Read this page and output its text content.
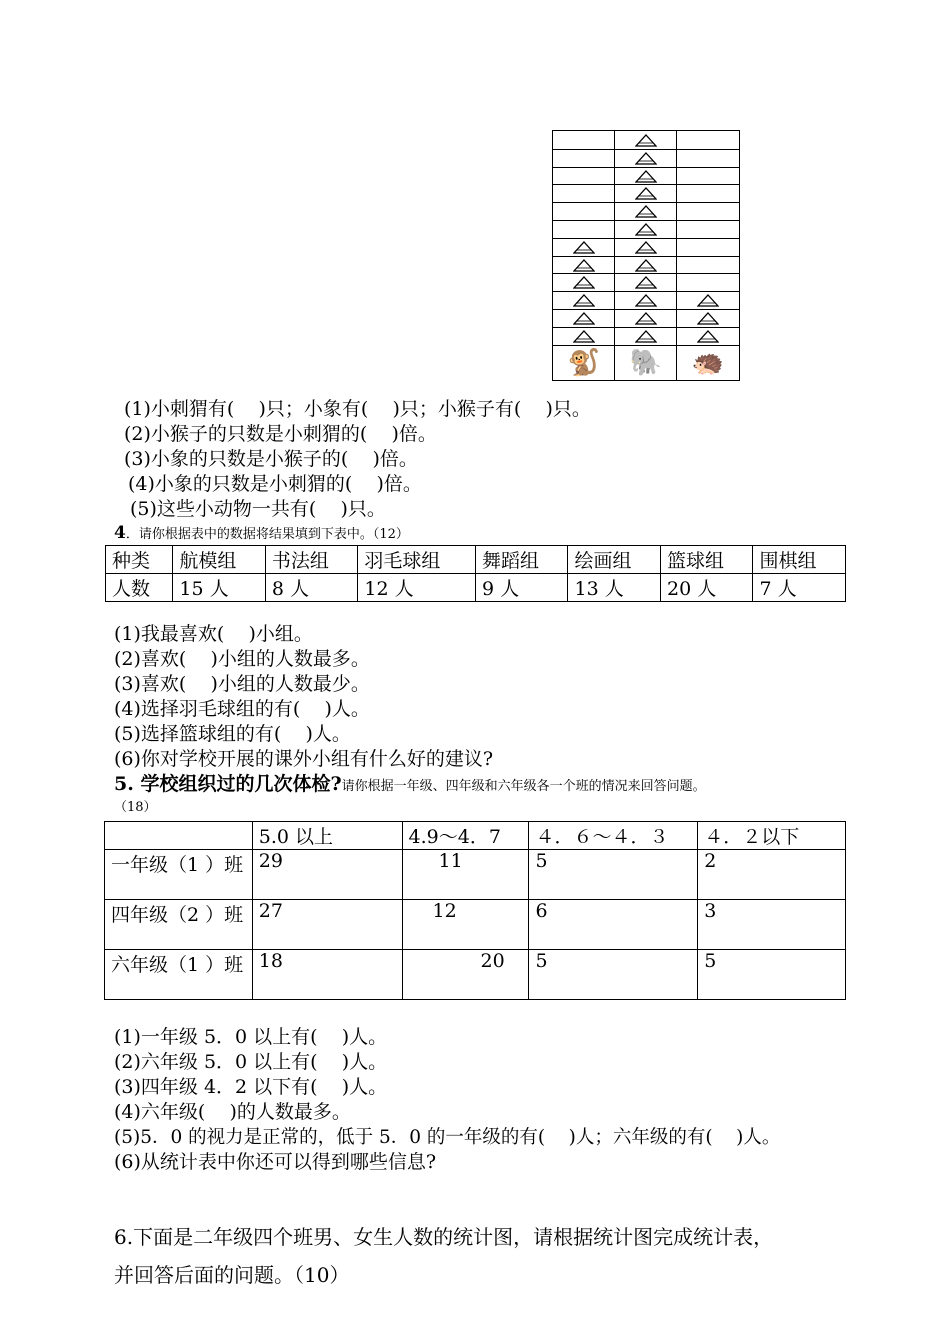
🐒	🐘	🦔
(1)小刺猬有(    )只；小象有(    )只；小猴子有(    )只。
(2)小猴子的只数是小刺猬的(    )倍。
(3)小象的只数是小猴子的(    )倍。
(4)小象的只数是小刺猬的(    )倍。
(5)这些小动物一共有(    )只。
4．请你根据表中的数据将结果填到下表中。（12）
种类	航模组	书法组	羽毛球组	舞蹈组	绘画组	篮球组	围棋组
人数	15 人	8 人	12 人	9 人	13 人	20 人	7 人
(1)我最喜欢(    )小组。
(2)喜欢(    )小组的人数最多。
(3)喜欢(    )小组的人数最少。
(4)选择羽毛球组的有(    )人。
(5)选择篮球组的有(    )人。
(6)你对学校开展的课外小组有什么好的建议?
5. 学校组织过的几次体检?请你根据一年级、四年级和六年级各一个班的情况来回答问题。
（18）
	5.0 以上	4.9～4．7	４．６～４．３	４．２以下
一年级（1 ）班	29	11	5	2
四年级（2 ）班	27	12	6	3
六年级（1 ）班	18	20	5	5
(1)一年级 5．0 以上有(    )人。
(2)六年级 5．0 以上有(    )人。
(3)四年级 4．2 以下有(    )人。
(4)六年级(    )的人数最多。
(5)5．0 的视力是正常的，低于 5．0 的一年级的有(    )人；六年级的有(    )人。
(6)从统计表中你还可以得到哪些信息?
6.下面是二年级四个班男、女生人数的统计图，请根据统计图完成统计表，
并回答后面的问题。（10）
